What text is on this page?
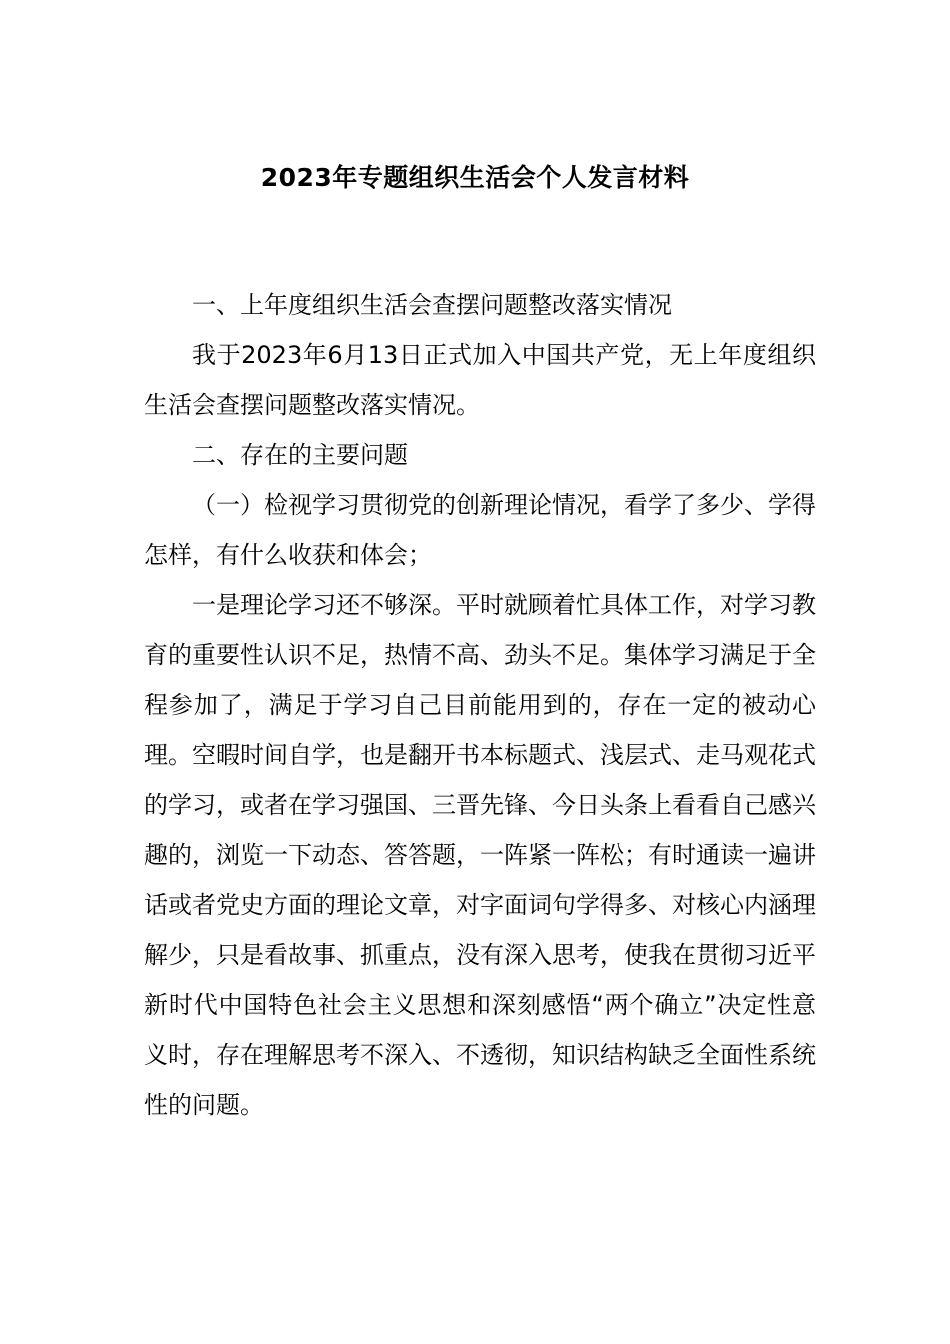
2023年专题组织生活会个人发言材料

一、上年度组织生活会查摆问题整改落实情况

我于2023年6月13日正式加入中国共产党，无上年度组织生活会查摆问题整改落实情况。

二、存在的主要问题

（一）检视学习贯彻党的创新理论情况，看学了多少、学得怎样，有什么收获和体会；

一是理论学习还不够深。平时就顾着忙具体工作，对学习教育的重要性认识不足，热情不高、劲头不足。集体学习满足于全程参加了，满足于学习自己目前能用到的，存在一定的被动心理。空暇时间自学，也是翻开书本标题式、浅层式、走马观花式的学习，或者在学习强国、三晋先锋、今日头条上看看自己感兴趣的，浏览一下动态、答答题，一阵紧一阵松；有时通读一遍讲话或者党史方面的理论文章，对字面词句学得多、对核心内涵理解少，只是看故事、抓重点，没有深入思考，使我在贯彻习近平新时代中国特色社会主义思想和深刻感悟“两个确立”决定性意义时，存在理解思考不深入、不透彻，知识结构缺乏全面性系统性的问题。
